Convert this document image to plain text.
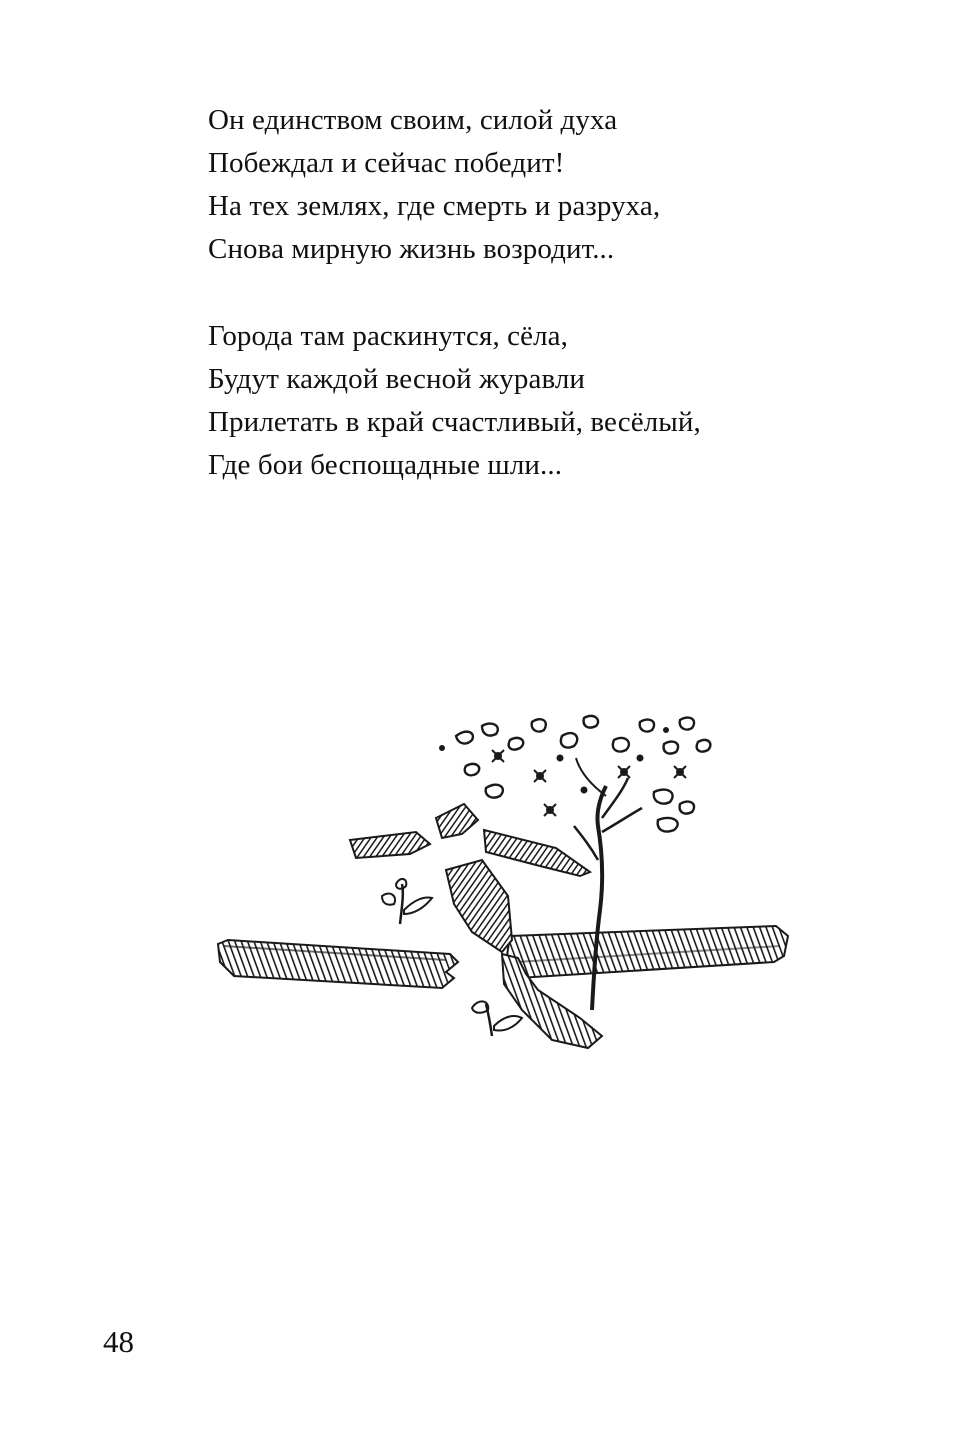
Он единством своим, силой духа
Побеждал и сейчас победит!
На тех землях, где смерть и разруха,
Снова мирную жизнь возродит...
Города там раскинутся, сёла,
Будут каждой весной журавли
Прилетать в край счастливый, весёлый,
Где бои беспощадные шли...
48
